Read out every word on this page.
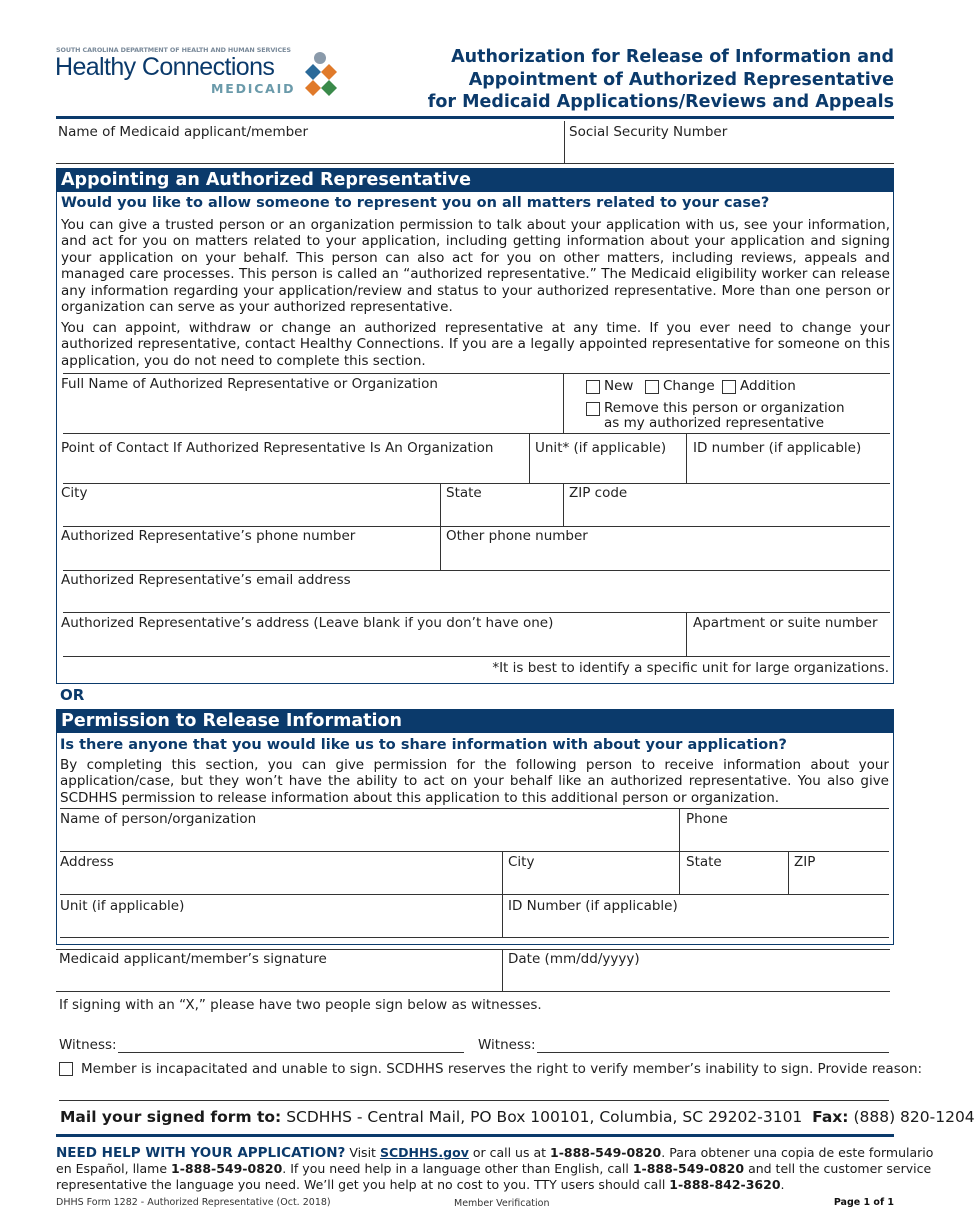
SOUTH CAROLINA DEPARTMENT OF HEALTH AND HUMAN SERVICES
Healthy Connections
MEDICAID
Authorization for Release of Information and
Appointment of Authorized Representative
for Medicaid Applications/Reviews and Appeals
Name of Medicaid applicant/member	Social Security Number
Appointing an Authorized Representative
Would you like to allow someone to represent you on all matters related to your case?
You can give a trusted person or an organization permission to talk about your application with us, see your information, and act for you on matters related to your application, including getting information about your application and signing your application on your behalf. This person can also act for you on other matters, including reviews, appeals and managed care processes. This person is called an “authorized representative.” The Medicaid eligibility worker can release any information regarding your application/review and status to your authorized representative. More than one person or organization can serve as your authorized representative.
You can appoint, withdraw or change an authorized representative at any time. If you ever need to change your authorized representative, contact Healthy Connections. If you are a legally appointed representative for someone on this application, you do not need to complete this section.
Full Name of Authorized Representative or Organization	New Change Addition
Remove this person or organization
as my authorized representative
Point of Contact If Authorized Representative Is An Organization	Unit* (if applicable) ID number (if applicable)
City	State	ZIP code
Authorized Representative’s phone number	Other phone number
Authorized Representative’s email address
Authorized Representative’s address (Leave blank if you don’t have one)	Apartment or suite number
*It is best to identify a specific unit for large organizations.
OR
Permission to Release Information
Is there anyone that you would like us to share information with about your application?
By completing this section, you can give permission for the following person to receive information about your application/case, but they won’t have the ability to act on your behalf like an authorized representative. You also give SCDHHS permission to release information about this application to this additional person or organization.
Name of person/organization	Phone
Address	City	State	ZIP
Unit (if applicable)	ID Number (if applicable)
Medicaid applicant/member’s signature	Date (mm/dd/yyyy)
If signing with an “X,” please have two people sign below as witnesses.
Witness:	Witness:
Member is incapacitated and unable to sign. SCDHHS reserves the right to verify member’s inability to sign. Provide reason:
Mail your signed form to: SCDHHS - Central Mail, PO Box 100101, Columbia, SC 29202-3101 Fax: (888) 820-1204
NEED HELP WITH YOUR APPLICATION? Visit SCDHHS.gov or call us at 1-888-549-0820. Para obtener una copia de este formulario
en Español, llame 1-888-549-0820. If you need help in a language other than English, call 1-888-549-0820 and tell the customer service
representative the language you need. We’ll get you help at no cost to you. TTY users should call 1-888-842-3620.
DHHS Form 1282 - Authorized Representative (Oct. 2018)	Member Verification	Page 1 of 1
